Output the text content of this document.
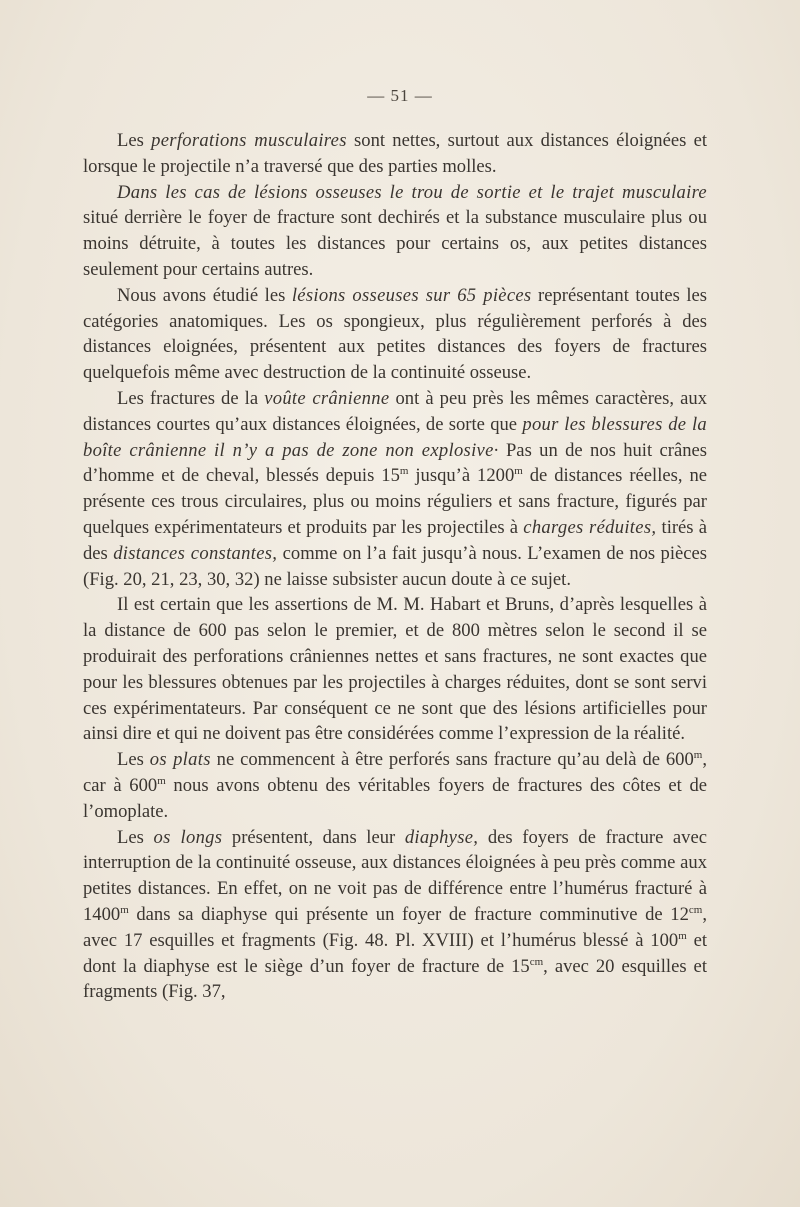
— 51 —

Les perforations musculaires sont nettes, surtout aux distances éloignées et lorsque le projectile n’a traversé que des parties molles.

Dans les cas de lésions osseuses le trou de sortie et le trajet musculaire situé derrière le foyer de fracture sont dechirés et la substance musculaire plus ou moins détruite, à toutes les distances pour certains os, aux petites distances seulement pour certains autres.

Nous avons étudié les lésions osseuses sur 65 pièces représentant toutes les catégories anatomiques. Les os spongieux, plus régulièrement perforés à des distances eloignées, présentent aux petites distances des foyers de fractures quelquefois même avec destruction de la continuité osseuse.

Les fractures de la voûte crânienne ont à peu près les mêmes caractères, aux distances courtes qu’aux distances éloignées, de sorte que pour les blessures de la boîte crânienne il n’y a pas de zone non explosive· Pas un de nos huit crânes d’homme et de cheval, blessés depuis 15$^m$ jusqu’à 1200$^m$ de distances réelles, ne présente ces trous circulaires, plus ou moins réguliers et sans fracture, figurés par quelques expérimentateurs et produits par les projectiles à charges réduites, tirés à des distances constantes, comme on l’a fait jusqu’à nous. L’examen de nos pièces (Fig. 20, 21, 23, 30, 32) ne laisse subsister aucun doute à ce sujet.

Il est certain que les assertions de M. M. Habart et Bruns, d’après lesquelles à la distance de 600 pas selon le premier, et de 800 mètres selon le second il se produirait des perforations crâniennes nettes et sans fractures, ne sont exactes que pour les blessures obtenues par les projectiles à charges réduites, dont se sont servi ces expérimentateurs. Par conséquent ce ne sont que des lésions artificielles pour ainsi dire et qui ne doivent pas être considérées comme l’expression de la réalité.

Les os plats ne commencent à être perforés sans fracture qu’au delà de 600$^m$, car à 600$^m$ nous avons obtenu des véritables foyers de fractures des côtes et de l’omoplate.

Les os longs présentent, dans leur diaphyse, des foyers de fracture avec interruption de la continuité osseuse, aux distances éloignées à peu près comme aux petites distances. En effet, on ne voit pas de différence entre l’humérus fracturé à 1400$^m$ dans sa diaphyse qui présente un foyer de fracture comminutive de $12^{cm}$, avec 17 esquilles et fragments (Fig. 48. Pl. XVIII) et l’humérus blessé à 100$^m$ et dont la diaphyse est le siège d’un foyer de fracture de $15^{cm}$, avec 20 esquilles et fragments (Fig. 37,
